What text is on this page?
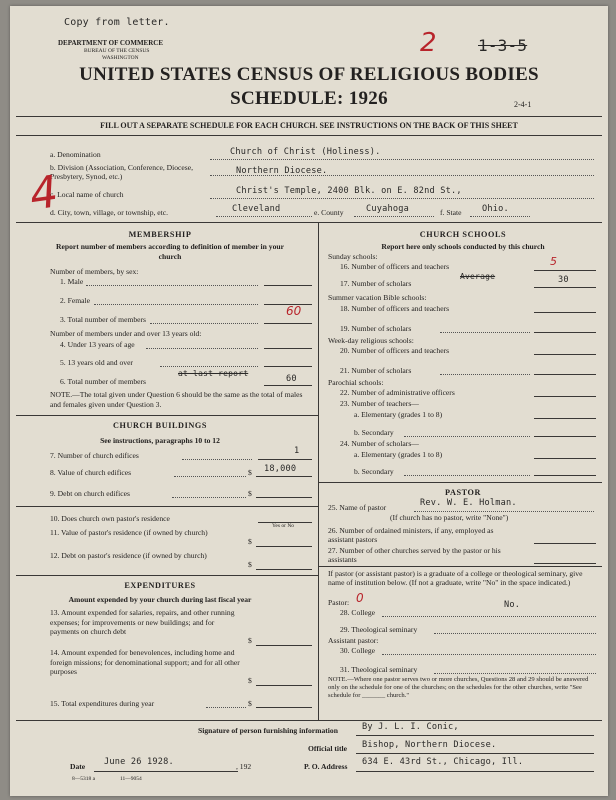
Copy from letter.
DEPARTMENT OF COMMERCE
BUREAU OF THE CENSUS
WASHINGTON	2	1-3-5
UNITED STATES CENSUS OF RELIGIOUS BODIES
SCHEDULE: 1926	2-4-1
FILL OUT A SEPARATE SCHEDULE FOR EACH CHURCH. SEE INSTRUCTIONS ON THE BACK OF THIS SHEET
a. Denomination	Church of Christ (Holiness).
b. Division (Association, Conference, Diocese, Presbytery, Synod, etc.)
Northern Diocese.
c. Local name of church	Christ's Temple, 2400 Blk. on E. 82nd St.,
d. City, town, village, or township, etc.	Cleveland	e. County	Cuyahoga	f. State Ohio.
4
MEMBERSHIP
Report number of members according to definition of member in your church
Number of members, by sex:
1. Male
2. Female
3. Total number of members
60
Number of members under and over 13 years old:
4. Under 13 years of age
5. 13 years old and over
6. Total number of members
at last report
60
NOTE.—The total given under Question 6 should be the same as the total of males and females given under Question 3.
CHURCH BUILDINGS
See instructions, paragraphs 10 to 12
7. Number of church edifices	1
8. Value of church edifices	$ 18,000
9. Debt on church edifices	$
10. Does church own pastor's residence
Yes or No
11. Value of pastor's residence (if owned by church)
$
12. Debt on pastor's residence (if owned by church)
$
EXPENDITURES
Amount expended by your church during last fiscal year
13. Amount expended for salaries, repairs, and other running expenses; for improvements or new buildings; and for payments on church debt
$
14. Amount expended for benevolences, including home and foreign missions; for denominational support; and for all other purposes
$
15. Total expenditures during year	$
CHURCH SCHOOLS
Report here only schools conducted by this church
Sunday schools:
16. Number of officers and teachers	5
17. Number of scholars
Average	30
Summer vacation Bible schools:
18. Number of officers and teachers
19. Number of scholars
Week-day religious schools:
20. Number of officers and teachers
21. Number of scholars
Parochial schools:
22. Number of administrative officers
23. Number of teachers—
a. Elementary (grades 1 to 8)
b. Secondary
24. Number of scholars—
a. Elementary (grades 1 to 8)
b. Secondary
PASTOR
25. Name of pastor	Rev. W. E. Holman.
(If church has no pastor, write "None")
26. Number of ordained ministers, if any, employed as assistant pastors
27. Number of other churches served by the pastor or his assistants
If pastor (or assistant pastor) is a graduate of a college or theological seminary, give name of institution below. (If not a graduate, write "No" in the space indicated.)
Pastor: 0
28. College
No.
29. Theological seminary
Assistant pastor:
30. College
31. Theological seminary
NOTE.—Where one pastor serves two or more churches, Questions 28 and 29 should be answered only on the schedule for one of the churches; on the schedules for the other churches, write "See schedule for _______ church."
Signature of person furnishing information	By J. L. I. Conic,
Official title Bishop, Northern Diocese.
Date June 26 1928.	, 192	P. O. Address 634 E. 43rd St., Chicago, Ill.
8—5318 a	11—9054
